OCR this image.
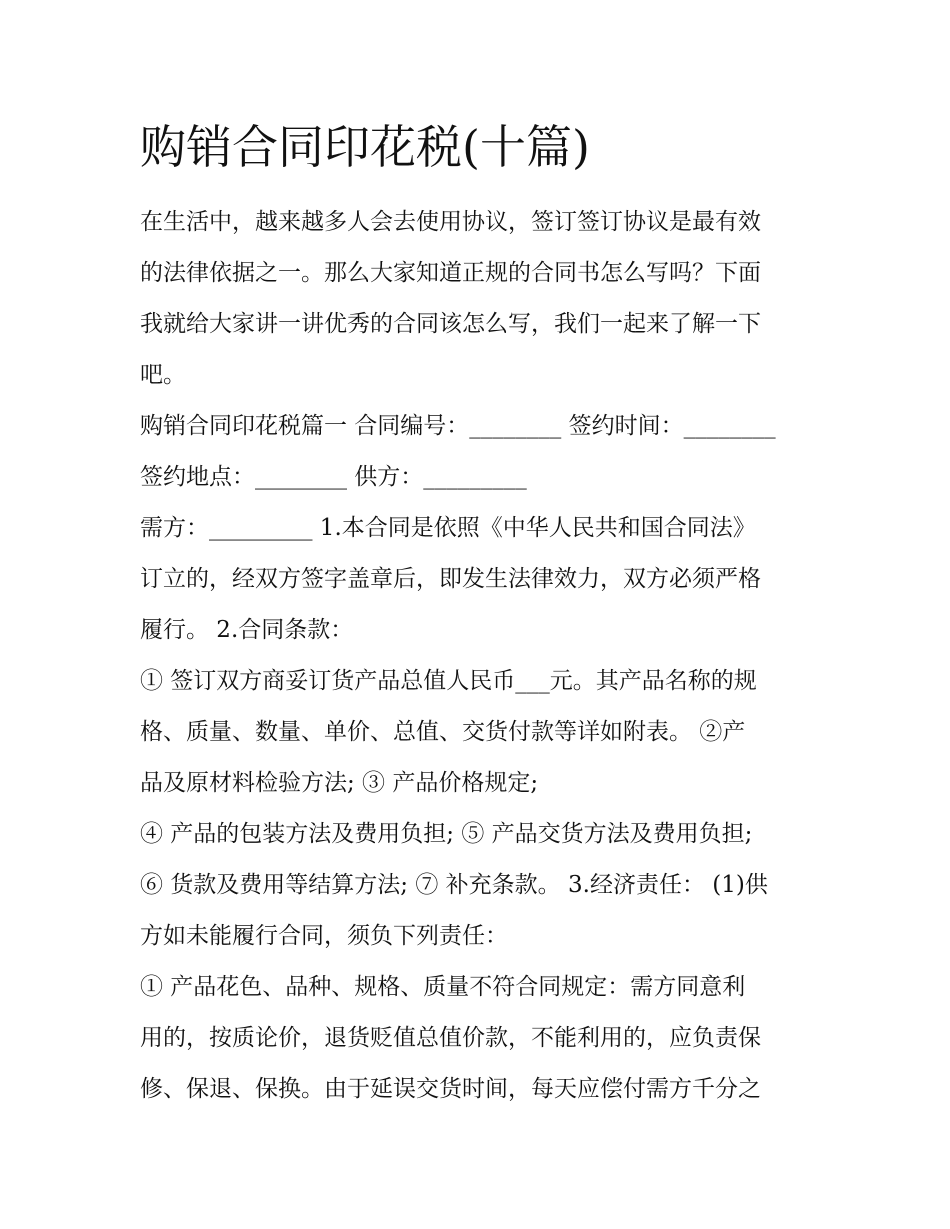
购销合同印花税(十篇)

在生活中，越来越多人会去使用协议，签订签订协议是最有效

的法律依据之一。那么大家知道正规的合同书怎么写吗？下面

我就给大家讲一讲优秀的合同该怎么写，我们一起来了解一下

吧。

购销合同印花税篇一 合同编号：________ 签约时间：________

签约地点：________ 供方：_________

需方：_________ 1.本合同是依照《中华人民共和国合同法》

订立的，经双方签字盖章后，即发生法律效力，双方必须严格

履行。 2.合同条款：

① 签订双方商妥订货产品总值人民币___元。其产品名称的规

格、质量、数量、单价、总值、交货付款等详如附表。 ②产

品及原材料检验方法; ③ 产品价格规定;

④ 产品的包装方法及费用负担; ⑤ 产品交货方法及费用负担;

⑥ 货款及费用等结算方法; ⑦ 补充条款。 3.经济责任： (1)供

方如未能履行合同，须负下列责任：

① 产品花色、品种、规格、质量不符合同规定：需方同意利

用的，按质论价，退货贬值总值价款，不能利用的，应负责保

修、保退、保换。由于延误交货时间，每天应偿付需方千分之
